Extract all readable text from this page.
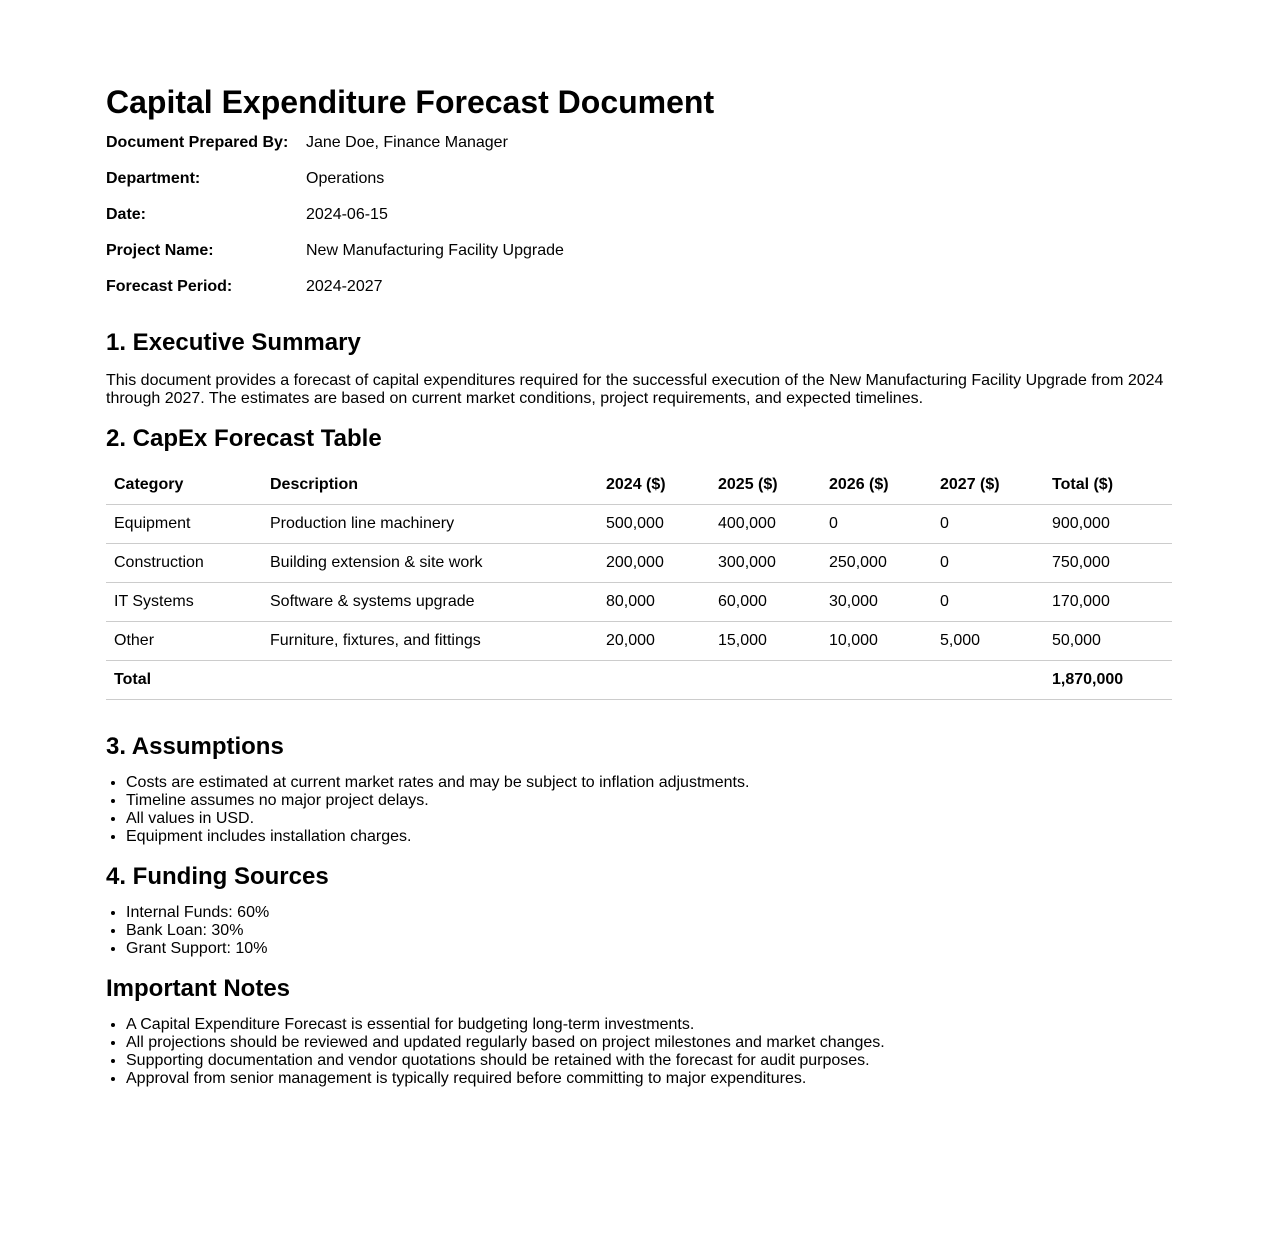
Capital Expenditure Forecast Document
Document Prepared By:	Jane Doe, Finance Manager
Department:	Operations
Date:	2024-06-15
Project Name:	New Manufacturing Facility Upgrade
Forecast Period:	2024-2027
1. Executive Summary

This document provides a forecast of capital expenditures required for the successful execution of the New Manufacturing Facility Upgrade from 2024 through 2027. The estimates are based on current market conditions, project requirements, and expected timelines.

2. CapEx Forecast Table
Category	Description	2024 ($)	2025 ($)	2026 ($)	2027 ($)	Total ($)
Equipment	Production line machinery	500,000	400,000	0	0	900,000
Construction	Building extension & site work	200,000	300,000	250,000	0	750,000
IT Systems	Software & systems upgrade	80,000	60,000	30,000	0	170,000
Other	Furniture, fixtures, and fittings	20,000	15,000	10,000	5,000	50,000
Total						1,870,000
3. Assumptions
• Costs are estimated at current market rates and may be subject to inflation adjustments.
• Timeline assumes no major project delays.
• All values in USD.
• Equipment includes installation charges.
4. Funding Sources
• Internal Funds: 60%
• Bank Loan: 30%
• Grant Support: 10%
Important Notes
• A Capital Expenditure Forecast is essential for budgeting long-term investments.
• All projections should be reviewed and updated regularly based on project milestones and market changes.
• Supporting documentation and vendor quotations should be retained with the forecast for audit purposes.
• Approval from senior management is typically required before committing to major expenditures.
